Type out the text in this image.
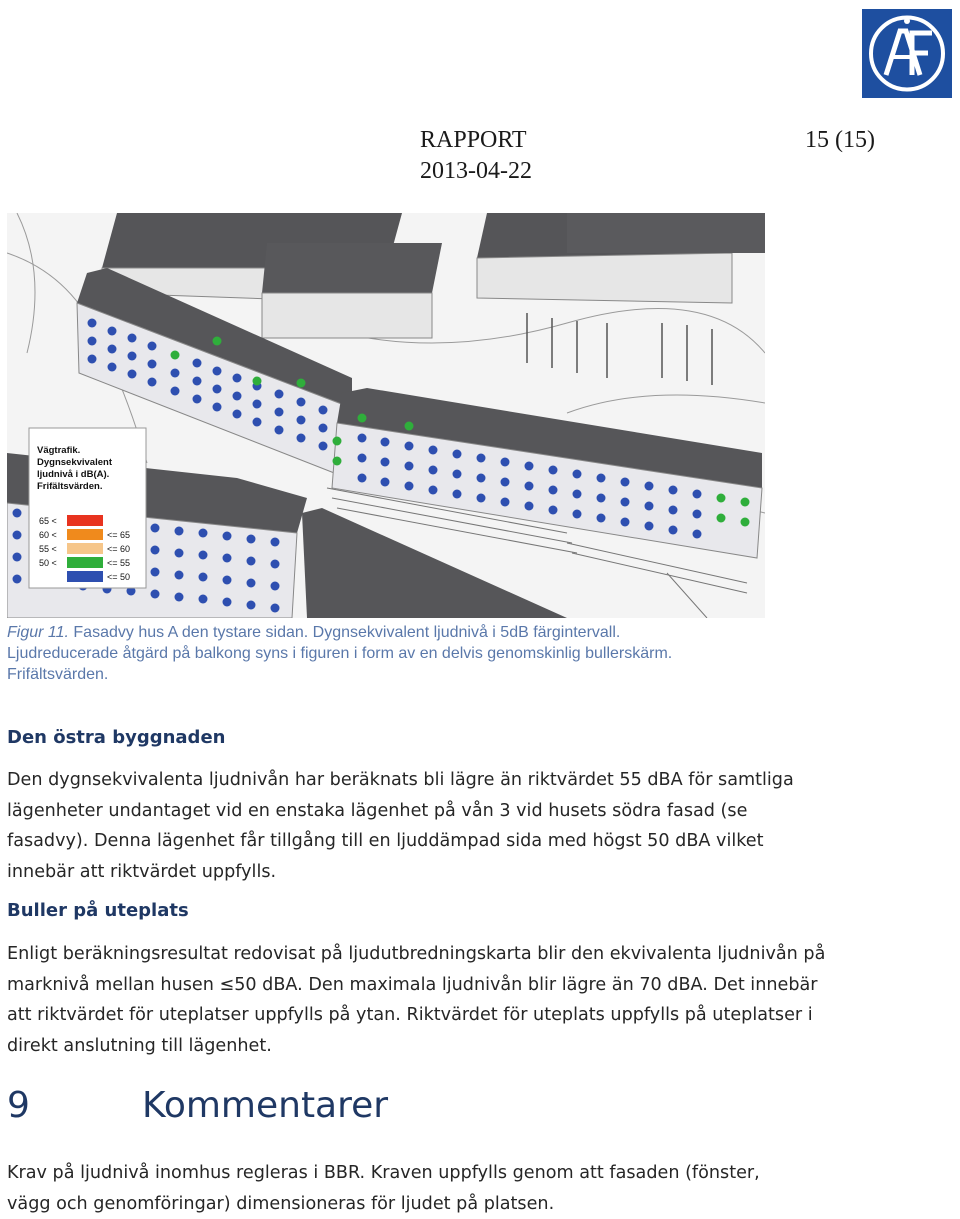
RAPPORT
2013-04-22
15 (15)
Vägtrafik.
Dygnsekvivalent
ljudnivå i dB(A).
Frifältsvärden.
65 <
60 <	<= 65
55 <	<= 60
50 <	<= 55
<= 50
Figur 11. Fasadvy hus A den tystare sidan. Dygnsekvivalent ljudnivå i 5dB färgintervall.
Ljudreducerade åtgärd på balkong syns i figuren i form av en delvis genomskinlig bullerskärm.
Frifältsvärden.
Den östra byggnaden
Den dygnsekvivalenta ljudnivån har beräknats bli lägre än riktvärdet 55 dBA för samtliga lägenheter undantaget vid en enstaka lägenhet på vån 3 vid husets södra fasad (se fasadvy). Denna lägenhet får tillgång till en ljuddämpad sida med högst 50 dBA vilket innebär att riktvärdet uppfylls.
Buller på uteplats
Enligt beräkningsresultat redovisat på ljudutbredningskarta blir den ekvivalenta ljudnivån på marknivå mellan husen ≤50 dBA. Den maximala ljudnivån blir lägre än 70 dBA. Det innebär att riktvärdet för uteplatser uppfylls på ytan. Riktvärdet för uteplats uppfylls på uteplatser i direkt anslutning till lägenhet.
9	Kommentarer
Krav på ljudnivå inomhus regleras i BBR. Kraven uppfylls genom att fasaden (fönster, vägg och genomföringar) dimensioneras för ljudet på platsen.
